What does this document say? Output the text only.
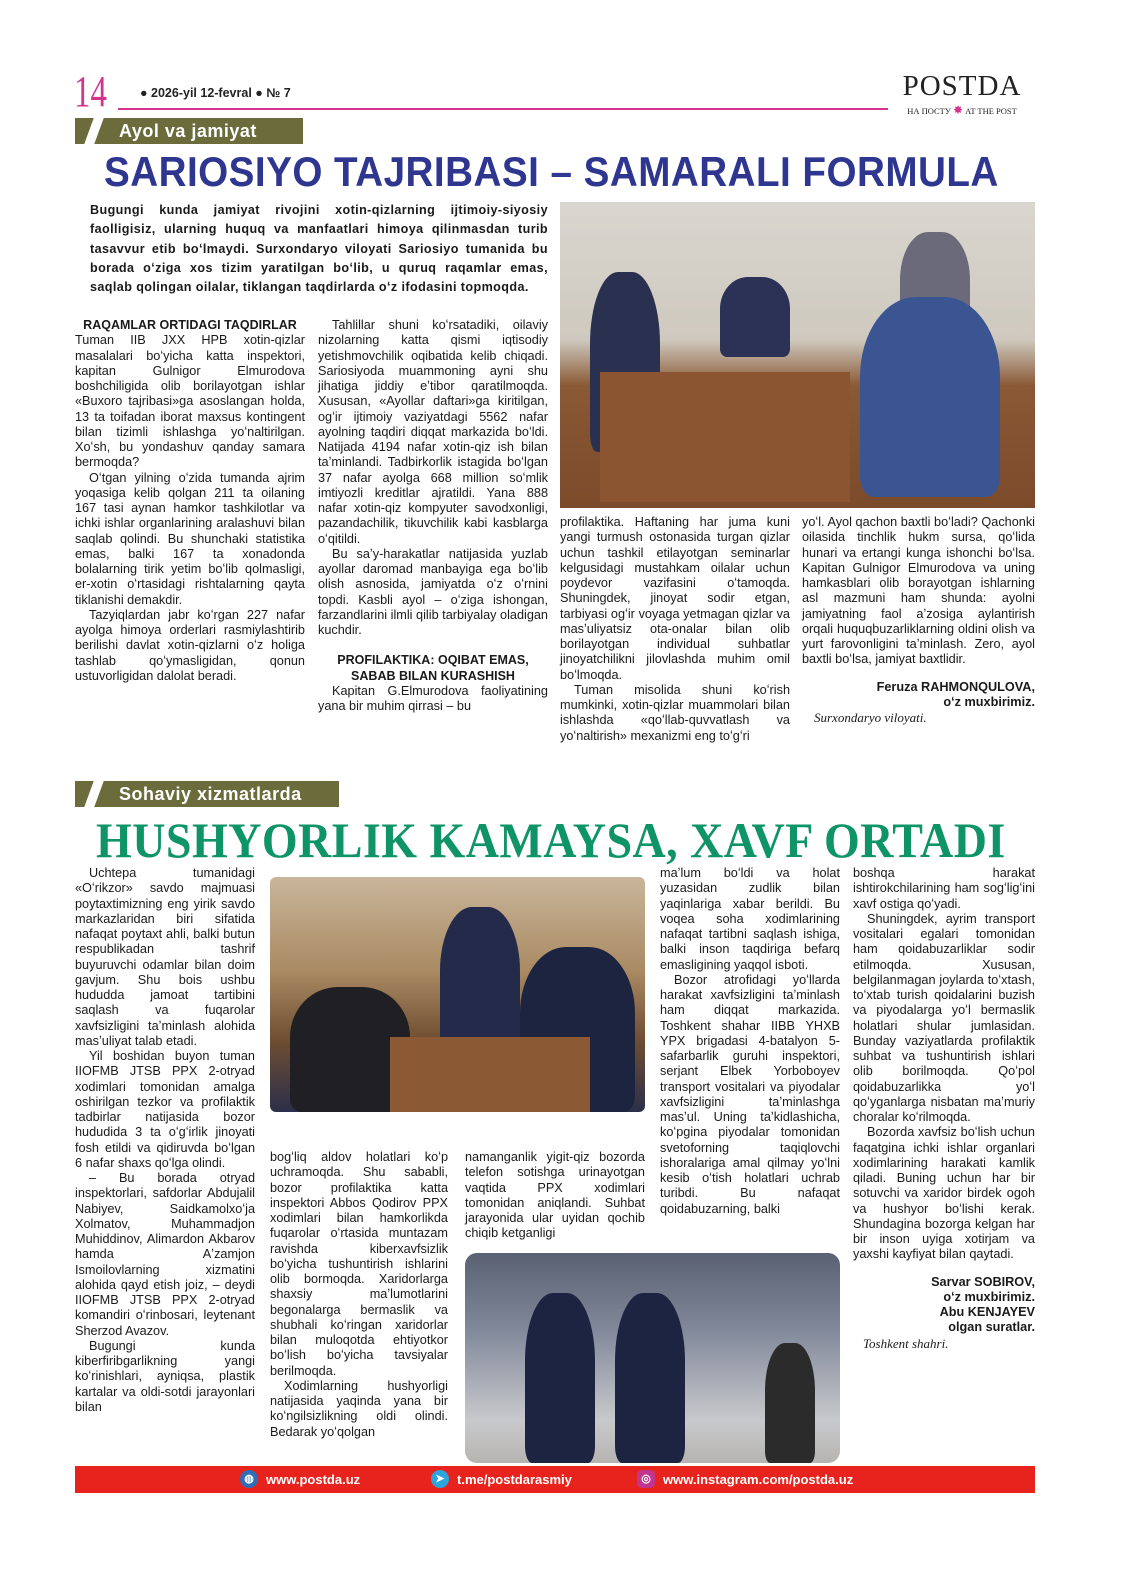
14	● 2026-yil 12-fevral ● № 7	POSTDA
НА ПОСТУ ✸ AT THE POST
Ayol va jamiyat
SARIOSIYO TAJRIBASI – SAMARALI FORMULA
Bugungi kunda jamiyat rivojini xotin-qizlarning ijtimoiy-siyosiy faolligisiz, ularning huquq va manfaatlari himoya qilinmasdan turib tasavvur etib boʻlmaydi. Surxondaryo viloyati Sariosiyo tumanida bu borada oʻziga xos tizim yaratilgan boʻlib, u quruq raqamlar emas, saqlab qolingan oilalar, tiklangan taqdirlarda oʻz ifodasini topmoqda.
RAQAMLAR ORTIDAGI TAQDIRLAR

Tuman IIB JXX HPB xotin-qizlar masalalari boʻyicha katta inspektori, kapitan Gulnigor Elmurodova boshchiligida olib borilayotgan ishlar «Buxoro tajribasi»ga asoslangan holda, 13 ta toifadan iborat maxsus kontingent bilan tizimli ishlashga yoʻnaltirilgan. Xoʻsh, bu yondashuv qanday samara bermoqda?

Oʻtgan yilning oʻzida tumanda ajrim yoqasiga kelib qolgan 211 ta oilaning 167 tasi aynan hamkor tashkilotlar va ichki ishlar organlarining aralashuvi bilan saqlab qolindi. Bu shunchaki statistika emas, balki 167 ta xonadonda bolalarning tirik yetim boʻlib qolmasligi, er-xotin oʻrtasidagi rishtalarning qayta tiklanishi demakdir.

Tazyiqlardan jabr koʻrgan 227 nafar ayolga himoya orderlari rasmiylashtirib berilishi davlat xotin-qizlarni oʻz holiga tashlab qoʻymasligidan, qonun ustuvorligidan dalolat beradi.

Tahlillar shuni koʻrsatadiki, oilaviy nizolarning katta qismi iqtisodiy yetishmovchilik oqibatida kelib chiqadi. Sariosiyoda muammoning ayni shu jihatiga jiddiy eʼtibor qaratilmoqda. Xususan, «Ayollar daftari»ga kiritilgan, ogʻir ijtimoiy vaziyatdagi 5562 nafar ayolning taqdiri diqqat markazida boʻldi. Natijada 4194 nafar xotin-qiz ish bilan taʼminlandi. Tadbirkorlik istagida boʻlgan 37 nafar ayolga 668 million soʻmlik imtiyozli kreditlar ajratildi. Yana 888 nafar xotin-qiz kompyuter savodxonligi, pazandachilik, tikuvchilik kabi kasblarga oʻqitildi.

Bu saʼy-harakatlar natijasida yuzlab ayollar daromad manbayiga ega boʻlib olish asnosida, jamiyatda oʻz oʻrnini topdi. Kasbli ayol – oʻziga ishongan, farzandlarini ilmli qilib tarbiyalay oladigan kuchdir.

PROFILAKTIKA: OQIBAT EMAS, SABAB BILAN KURASHISH

Kapitan G.Elmurodova faoliyatining yana bir muhim qirrasi – bu

profilaktika. Haftaning har juma kuni yangi turmush ostonasida turgan qizlar uchun tashkil etilayotgan seminarlar kelgusidagi mustahkam oilalar uchun poydevor vazifasini oʻtamoqda. Shuningdek, jinoyat sodir etgan, tarbiyasi ogʻir voyaga yetmagan qizlar va masʼuliyatsiz ota-onalar bilan olib borilayotgan individual suhbatlar jinoyatchilikni jilovlashda muhim omil boʻlmoqda.

Tuman misolida shuni koʻrish mumkinki, xotin-qizlar muammolari bilan ishlashda «qoʻllab-quvvatlash va yoʻnaltirish» mexanizmi eng toʻgʻri

yoʻl. Ayol qachon baxtli boʻladi? Qachonki oilasida tinchlik hukm sursa, qoʻlida hunari va ertangi kunga ishonchi boʻlsa. Kapitan Gulnigor Elmurodova va uning hamkasblari olib borayotgan ishlarning asl mazmuni ham shunda: ayolni jamiyatning faol aʼzosiga aylantirish orqali huquqbuzarliklarning oldini olish va yurt farovonligini taʼminlash. Zero, ayol baxtli boʻlsa, jamiyat baxtlidir.

Feruza RAHMONQULOVA,
oʻz muxbirimiz.
Surxondaryo viloyati.
Sohaviy xizmatlarda
HUSHYORLIK KAMAYSA, XAVF ORTADI

Uchtepa tumanidagi «Oʻrikzor» savdo majmuasi poytaxtimizning eng yirik savdo markazlaridan biri sifatida nafaqat poytaxt ahli, balki butun respublikadan tashrif buyuruvchi odamlar bilan doim gavjum. Shu bois ushbu hududda jamoat tartibini saqlash va fuqarolar xavfsizligini taʼminlash alohida masʼuliyat talab etadi.

Yil boshidan buyon tuman IIOFMB JTSB PPX 2-otryad xodimlari tomonidan amalga oshirilgan tezkor va profilaktik tadbirlar natijasida bozor hududida 3 ta oʻgʻirlik jinoyati fosh etildi va qidiruvda boʻlgan 6 nafar shaxs qoʻlga olindi.

– Bu borada otryad inspektorlari, safdorlar Abdujalil Nabiyev, Saidkamolxoʻja Xolmatov, Muhammadjon Muhiddinov, Alimardon Akbarov hamda Aʼzamjon Ismoilovlarning xizmatini alohida qayd etish joiz, – deydi IIOFMB JTSB PPX 2-otryad komandiri oʻrinbosari, leytenant Sherzod Avazov.

Bugungi kunda kiberfiribgarlikning yangi koʻrinishlari, ayniqsa, plastik kartalar va oldi-sotdi jarayonlari bilan

bogʻliq aldov holatlari koʻp uchramoqda. Shu sababli, bozor profilaktika katta inspektori Abbos Qodirov PPX xodimlari bilan hamkorlikda fuqarolar oʻrtasida muntazam ravishda kiberxavfsizlik boʻyicha tushuntirish ishlarini olib bormoqda. Xaridorlarga shaxsiy maʼlumotlarini begonalarga bermaslik va shubhali koʻringan xaridorlar bilan muloqotda ehtiyotkor boʻlish boʻyicha tavsiyalar berilmoqda.

Xodimlarning hushyorligi natijasida yaqinda yana bir koʻngilsizlikning oldi olindi. Bedarak yoʻqolgan

namanganlik yigit-qiz bozorda telefon sotishga urinayotgan vaqtida PPX xodimlari tomonidan aniqlandi. Suhbat jarayonida ular uyidan qochib chiqib ketganligi

maʼlum boʻldi va holat yuzasidan zudlik bilan yaqinlariga xabar berildi. Bu voqea soha xodimlarining nafaqat tartibni saqlash ishiga, balki inson taqdiriga befarq emasligining yaqqol isboti.

Bozor atrofidagi yoʻllarda harakat xavfsizligini taʼminlash ham diqqat markazida. Toshkent shahar IIBB YHXB YPX brigadasi 4-batalyon 5-safarbarlik guruhi inspektori, serjant Elbek Yorboboyev transport vositalari va piyodalar xavfsizligini taʼminlashga masʼul. Uning taʼkidlashicha, koʻpgina piyodalar tomonidan svetoforning taqiqlovchi ishoralariga amal qilmay yoʻlni kesib oʻtish holatlari uchrab turibdi. Bu nafaqat qoidabuzarning, balki

boshqa harakat ishtirokchilarining ham sogʻligʻini xavf ostiga qoʻyadi.

Shuningdek, ayrim transport vositalari egalari tomonidan ham qoidabuzarliklar sodir etilmoqda. Xususan, belgilanmagan joylarda toʻxtash, toʻxtab turish qoidalarini buzish va piyodalarga yoʻl bermaslik holatlari shular jumlasidan. Bunday vaziyatlarda profilaktik suhbat va tushuntirish ishlari olib borilmoqda. Qoʻpol qoidabuzarlikka yoʻl qoʻyganlarga nisbatan maʼmuriy choralar koʻrilmoqda.

Bozorda xavfsiz boʻlish uchun faqatgina ichki ishlar organlari xodimlarining harakati kamlik qiladi. Buning uchun har bir sotuvchi va xaridor birdek ogoh va hushyor boʻlishi kerak. Shundagina bozorga kelgan har bir inson uyiga xotirjam va yaxshi kayfiyat bilan qaytadi.

Sarvar SOBIROV,
oʻz muxbirimiz.
Abu KENJAYEV
olgan suratlar.
Toshkent shahri.
◍ www.postda.uz	➤ t.me/postdarasmiy	◎ www.instagram.com/postda.uz
